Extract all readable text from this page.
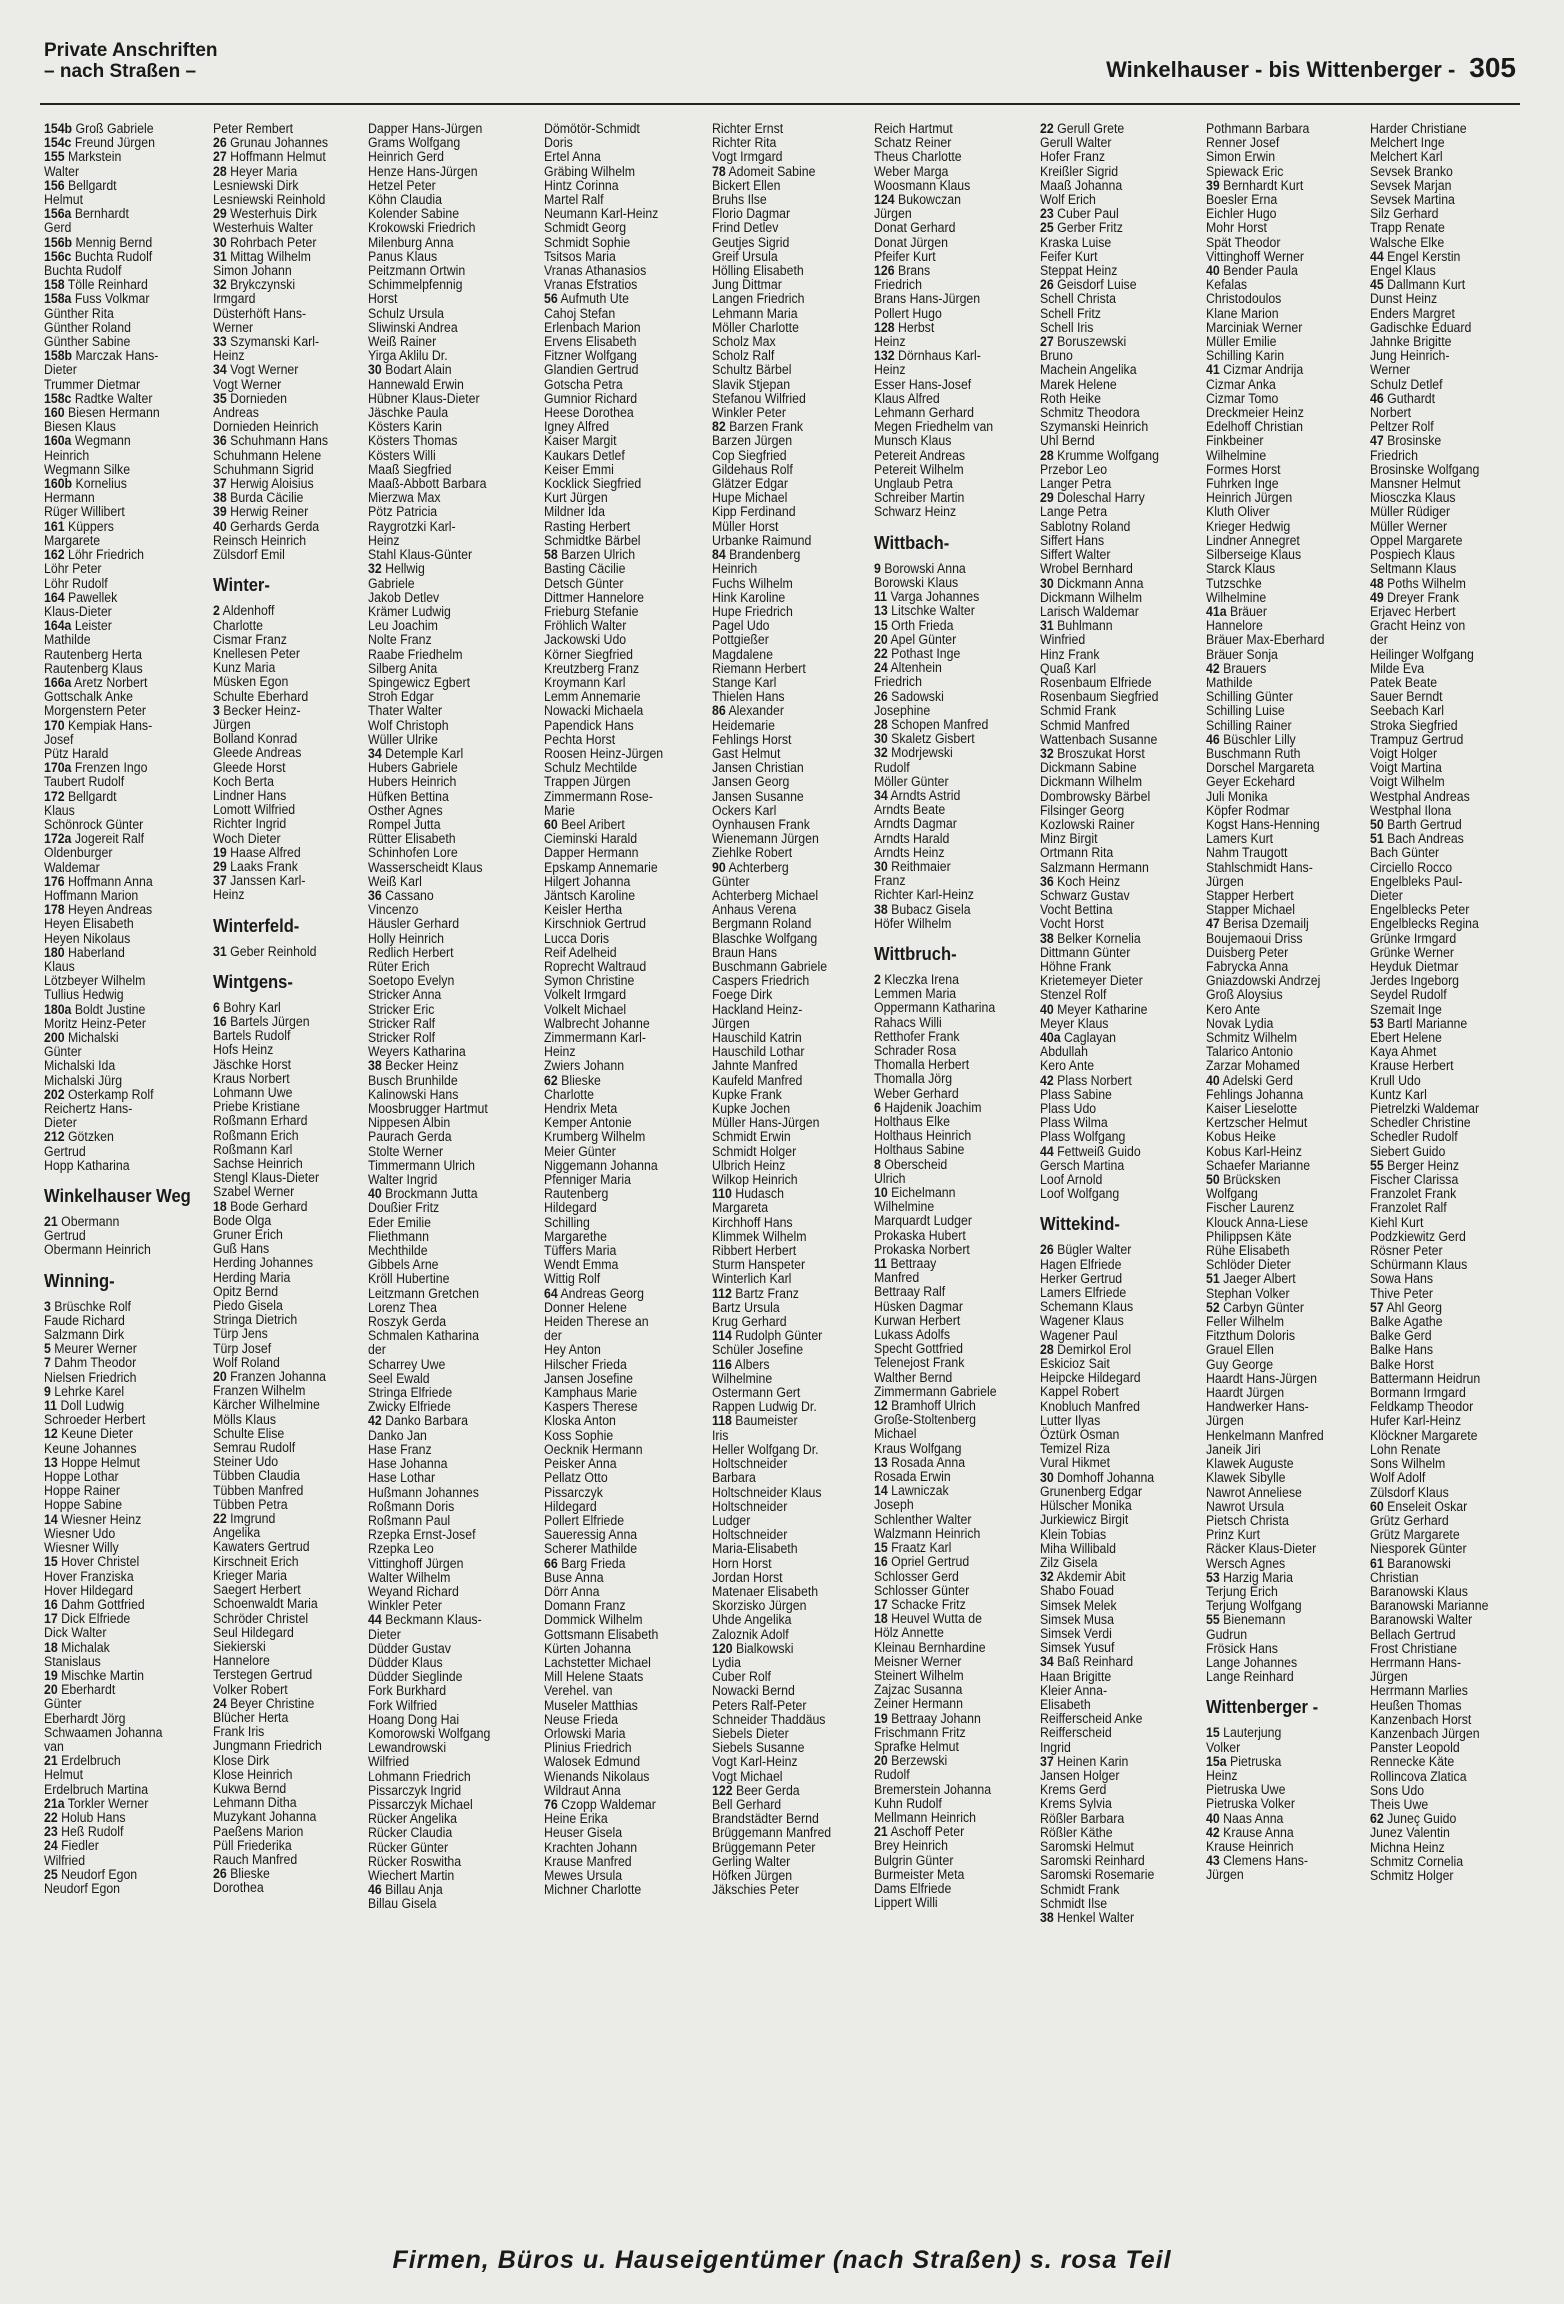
Private Anschriften
– nach Straßen –	Winkelhauser - bis Wittenberger - 305
154b Groß Gabriele
154c Freund Jürgen
155 Markstein
Walter
156 Bellgardt
Helmut
156a Bernhardt
Gerd
156b Mennig Bernd
156c Buchta Rudolf
Buchta Rudolf
158 Tölle Reinhard
158a Fuss Volkmar
Günther Rita
Günther Roland
Günther Sabine
158b Marczak Hans-
Dieter
Trummer Dietmar
158c Radtke Walter
160 Biesen Hermann
Biesen Klaus
160a Wegmann
Heinrich
Wegmann Silke
160b Kornelius
Hermann
Rüger Willibert
161 Küppers
Margarete
162 Löhr Friedrich
Löhr Peter
Löhr Rudolf
164 Pawellek
Klaus-Dieter
164a Leister
Mathilde
Rautenberg Herta
Rautenberg Klaus
166a Aretz Norbert
Gottschalk Anke
Morgenstern Peter
170 Kempiak Hans-
Josef
Pütz Harald
170a Frenzen Ingo
Taubert Rudolf
172 Bellgardt
Klaus
Schönrock Günter
172a Jogereit Ralf
Oldenburger
Waldemar
176 Hoffmann Anna
Hoffmann Marion
178 Heyen Andreas
Heyen Elisabeth
Heyen Nikolaus
180 Haberland
Klaus
Lötzbeyer Wilhelm
Tullius Hedwig
180a Boldt Justine
Moritz Heinz-Peter
200 Michalski
Günter
Michalski Ida
Michalski Jürg
202 Osterkamp Rolf
Reichertz Hans-
Dieter
212 Götzken
Gertrud
Hopp Katharina
Winkelhauser Weg
21 Obermann
Gertrud
Obermann Heinrich
Winning-
3 Brüschke Rolf
Faude Richard
Salzmann Dirk
5 Meurer Werner
7 Dahm Theodor
Nielsen Friedrich
9 Lehrke Karel
11 Doll Ludwig
Schroeder Herbert
12 Keune Dieter
Keune Johannes
13 Hoppe Helmut
Hoppe Lothar
Hoppe Rainer
Hoppe Sabine
14 Wiesner Heinz
Wiesner Udo
Wiesner Willy
15 Hover Christel
Hover Franziska
Hover Hildegard
16 Dahm Gottfried
17 Dick Elfriede
Dick Walter
18 Michalak
Stanislaus
19 Mischke Martin
20 Eberhardt
Günter
Eberhardt Jörg
Schwaamen Johanna
van
21 Erdelbruch
Helmut
Erdelbruch Martina
21a Torkler Werner
22 Holub Hans
23 Heß Rudolf
24 Fiedler
Wilfried
25 Neudorf Egon
Neudorf Egon
Peter Rembert
26 Grunau Johannes
27 Hoffmann Helmut
28 Heyer Maria
Lesniewski Dirk
Lesniewski Reinhold
29 Westerhuis Dirk
Westerhuis Walter
30 Rohrbach Peter
31 Mittag Wilhelm
Simon Johann
32 Brykczynski
Irmgard
Düsterhöft Hans-
Werner
33 Szymanski Karl-
Heinz
34 Vogt Werner
Vogt Werner
35 Dornieden
Andreas
Dornieden Heinrich
36 Schuhmann Hans
Schuhmann Helene
Schuhmann Sigrid
37 Herwig Aloisius
38 Burda Cäcilie
39 Herwig Reiner
40 Gerhards Gerda
Reinsch Heinrich
Zülsdorf Emil
Winter-
2 Aldenhoff
Charlotte
Cismar Franz
Knellesen Peter
Kunz Maria
Müsken Egon
Schulte Eberhard
3 Becker Heinz-
Jürgen
Bolland Konrad
Gleede Andreas
Gleede Horst
Koch Berta
Lindner Hans
Lomott Wilfried
Richter Ingrid
Woch Dieter
19 Haase Alfred
29 Laaks Frank
37 Janssen Karl-
Heinz
Winterfeld-
31 Geber Reinhold
Wintgens-
6 Bohry Karl
16 Bartels Jürgen
Bartels Rudolf
Hofs Heinz
Jäschke Horst
Kraus Norbert
Lohmann Uwe
Priebe Kristiane
Roßmann Erhard
Roßmann Erich
Roßmann Karl
Sachse Heinrich
Stengl Klaus-Dieter
Szabel Werner
18 Bode Gerhard
Bode Olga
Gruner Erich
Guß Hans
Herding Johannes
Herding Maria
Opitz Bernd
Piedo Gisela
Stringa Dietrich
Türp Jens
Türp Josef
Wolf Roland
20 Franzen Johanna
Franzen Wilhelm
Kärcher Wilhelmine
Mölls Klaus
Schulte Elise
Semrau Rudolf
Steiner Udo
Tübben Claudia
Tübben Manfred
Tübben Petra
22 Imgrund
Angelika
Kawaters Gertrud
Kirschneit Erich
Krieger Maria
Saegert Herbert
Schoenwaldt Maria
Schröder Christel
Seul Hildegard
Siekierski
Hannelore
Terstegen Gertrud
Volker Robert
24 Beyer Christine
Blücher Herta
Frank Iris
Jungmann Friedrich
Klose Dirk
Klose Heinrich
Kukwa Bernd
Lehmann Ditha
Muzykant Johanna
Paeßens Marion
Püll Friederika
Rauch Manfred
26 Blieske
Dorothea
Dapper Hans-Jürgen
Grams Wolfgang
Heinrich Gerd
Henze Hans-Jürgen
Hetzel Peter
Köhn Claudia
Kolender Sabine
Krokowski Friedrich
Milenburg Anna
Panus Klaus
Peitzmann Ortwin
Schimmelpfennig
Horst
Schulz Ursula
Sliwinski Andrea
Weiß Rainer
Yirga Aklilu Dr.
30 Bodart Alain
Hannewald Erwin
Hübner Klaus-Dieter
Jäschke Paula
Kösters Karin
Kösters Thomas
Kösters Willi
Maaß Siegfried
Maaß-Abbott Barbara
Mierzwa Max
Pötz Patricia
Raygrotzki Karl-
Heinz
Stahl Klaus-Günter
32 Hellwig
Gabriele
Jakob Detlev
Krämer Ludwig
Leu Joachim
Nolte Franz
Raabe Friedhelm
Silberg Anita
Spingewicz Egbert
Stroh Edgar
Thater Walter
Wolf Christoph
Wüller Ulrike
34 Detemple Karl
Hubers Gabriele
Hubers Heinrich
Hüfken Bettina
Osther Agnes
Rompel Jutta
Rütter Elisabeth
Schinhofen Lore
Wasserscheidt Klaus
Weiß Karl
36 Cassano
Vincenzo
Häusler Gerhard
Holly Heinrich
Redlich Herbert
Rüter Erich
Soetopo Evelyn
Stricker Anna
Stricker Eric
Stricker Ralf
Stricker Rolf
Weyers Katharina
38 Becker Heinz
Busch Brunhilde
Kalinowski Hans
Moosbrugger Hartmut
Nippesen Albin
Paurach Gerda
Stolte Werner
Timmermann Ulrich
Walter Ingrid
40 Brockmann Jutta
Doußier Fritz
Eder Emilie
Fliethmann
Mechthilde
Gibbels Arne
Kröll Hubertine
Leitzmann Gretchen
Lorenz Thea
Roszyk Gerda
Schmalen Katharina
der
Scharrey Uwe
Seel Ewald
Stringa Elfriede
Zwicky Elfriede
42 Danko Barbara
Danko Jan
Hase Franz
Hase Johanna
Hase Lothar
Hußmann Johannes
Roßmann Doris
Roßmann Paul
Rzepka Ernst-Josef
Rzepka Leo
Vittinghoff Jürgen
Walter Wilhelm
Weyand Richard
Winkler Peter
44 Beckmann Klaus-
Dieter
Düdder Gustav
Düdder Klaus
Düdder Sieglinde
Fork Burkhard
Fork Wilfried
Hoang Dong Hai
Komorowski Wolfgang
Lewandrowski
Wilfried
Lohmann Friedrich
Pissarczyk Ingrid
Pissarczyk Michael
Rücker Angelika
Rücker Claudia
Rücker Günter
Rücker Roswitha
Wiechert Martin
46 Billau Anja
Billau Gisela
Dömötör-Schmidt
Doris
Ertel Anna
Gräbing Wilhelm
Hintz Corinna
Martel Ralf
Neumann Karl-Heinz
Schmidt Georg
Schmidt Sophie
Tsitsos Maria
Vranas Athanasios
Vranas Efstratios
56 Aufmuth Ute
Cahoj Stefan
Erlenbach Marion
Ervens Elisabeth
Fitzner Wolfgang
Glandien Gertrud
Gotscha Petra
Gumnior Richard
Heese Dorothea
Igney Alfred
Kaiser Margit
Kaukars Detlef
Keiser Emmi
Kocklick Siegfried
Kurt Jürgen
Mildner Ida
Rasting Herbert
Schmidtke Bärbel
58 Barzen Ulrich
Basting Cäcilie
Detsch Günter
Dittmer Hannelore
Frieburg Stefanie
Fröhlich Walter
Jackowski Udo
Körner Siegfried
Kreutzberg Franz
Kroymann Karl
Lemm Annemarie
Nowacki Michaela
Papendick Hans
Pechta Horst
Roosen Heinz-Jürgen
Schulz Mechtilde
Trappen Jürgen
Zimmermann Rose-
Marie
60 Beel Aribert
Cieminski Harald
Dapper Hermann
Epskamp Annemarie
Hilgert Johanna
Jäntsch Karoline
Keisler Hertha
Kirschniok Gertrud
Lucca Doris
Reif Adelheid
Roprecht Waltraud
Symon Christine
Volkelt Irmgard
Volkelt Michael
Walbrecht Johanne
Zimmermann Karl-
Heinz
Zwiers Johann
62 Blieske
Charlotte
Hendrix Meta
Kemper Antonie
Krumberg Wilhelm
Meier Günter
Niggemann Johanna
Pfenniger Maria
Rautenberg
Hildegard
Schilling
Margarethe
Tüffers Maria
Wendt Emma
Wittig Rolf
64 Andreas Georg
Donner Helene
Heiden Therese an
der
Hey Anton
Hilscher Frieda
Jansen Josefine
Kamphaus Marie
Kaspers Therese
Kloska Anton
Koss Sophie
Oecknik Hermann
Peisker Anna
Pellatz Otto
Pissarczyk
Hildegard
Pollert Elfriede
Saueressig Anna
Scherer Mathilde
66 Barg Frieda
Buse Anna
Dörr Anna
Domann Franz
Dommick Wilhelm
Gottsmann Elisabeth
Kürten Johanna
Lachstetter Michael
Mill Helene Staats
Verehel. van
Museler Matthias
Neuse Frieda
Orlowski Maria
Plinius Friedrich
Walosek Edmund
Wienands Nikolaus
Wildraut Anna
76 Czopp Waldemar
Heine Erika
Heuser Gisela
Krachten Johann
Krause Manfred
Mewes Ursula
Michner Charlotte
Richter Ernst
Richter Rita
Vogt Irmgard
78 Adomeit Sabine
Bickert Ellen
Bruhs Ilse
Florio Dagmar
Frind Detlev
Geutjes Sigrid
Greif Ursula
Hölling Elisabeth
Jung Dittmar
Langen Friedrich
Lehmann Maria
Möller Charlotte
Scholz Max
Scholz Ralf
Schultz Bärbel
Slavik Stjepan
Stefanou Wilfried
Winkler Peter
82 Barzen Frank
Barzen Jürgen
Cop Siegfried
Gildehaus Rolf
Glätzer Edgar
Hupe Michael
Kipp Ferdinand
Müller Horst
Urbanke Raimund
84 Brandenberg
Heinrich
Fuchs Wilhelm
Hink Karoline
Hupe Friedrich
Pagel Udo
Pottgießer
Magdalene
Riemann Herbert
Stange Karl
Thielen Hans
86 Alexander
Heidemarie
Fehlings Horst
Gast Helmut
Jansen Christian
Jansen Georg
Jansen Susanne
Ockers Karl
Oynhausen Frank
Wienemann Jürgen
Ziehlke Robert
90 Achterberg
Günter
Achterberg Michael
Anhaus Verena
Bergmann Roland
Blaschke Wolfgang
Braun Hans
Buschmann Gabriele
Caspers Friedrich
Foege Dirk
Hackland Heinz-
Jürgen
Hauschild Katrin
Hauschild Lothar
Jahnte Manfred
Kaufeld Manfred
Kupke Frank
Kupke Jochen
Müller Hans-Jürgen
Schmidt Erwin
Schmidt Holger
Ulbrich Heinz
Wilkop Heinrich
110 Hudasch
Margareta
Kirchhoff Hans
Klimmek Wilhelm
Ribbert Herbert
Sturm Hanspeter
Winterlich Karl
112 Bartz Franz
Bartz Ursula
Krug Gerhard
114 Rudolph Günter
Schüler Josefine
116 Albers
Wilhelmine
Ostermann Gert
Rappen Ludwig Dr.
118 Baumeister
Iris
Heller Wolfgang Dr.
Holtschneider
Barbara
Holtschneider Klaus
Holtschneider
Ludger
Holtschneider
Maria-Elisabeth
Horn Horst
Jordan Horst
Matenaer Elisabeth
Skorzisko Jürgen
Uhde Angelika
Zaloznik Adolf
120 Bialkowski
Lydia
Cuber Rolf
Nowacki Bernd
Peters Ralf-Peter
Schneider Thaddäus
Siebels Dieter
Siebels Susanne
Vogt Karl-Heinz
Vogt Michael
122 Beer Gerda
Bell Gerhard
Brandstädter Bernd
Brüggemann Manfred
Brüggemann Peter
Gerling Walter
Höfken Jürgen
Jäkschies Peter
Reich Hartmut
Schatz Reiner
Theus Charlotte
Weber Marga
Woosmann Klaus
124 Bukowczan
Jürgen
Donat Gerhard
Donat Jürgen
Pfeifer Kurt
126 Brans
Friedrich
Brans Hans-Jürgen
Pollert Hugo
128 Herbst
Heinz
132 Dörnhaus Karl-
Heinz
Esser Hans-Josef
Klaus Alfred
Lehmann Gerhard
Megen Friedhelm van
Munsch Klaus
Petereit Andreas
Petereit Wilhelm
Unglaub Petra
Schreiber Martin
Schwarz Heinz
Wittbach-
9 Borowski Anna
Borowski Klaus
11 Varga Johannes
13 Litschke Walter
15 Orth Frieda
20 Apel Günter
22 Pothast Inge
24 Altenhein
Friedrich
26 Sadowski
Josephine
28 Schopen Manfred
30 Skaletz Gisbert
32 Modrjewski
Rudolf
Möller Günter
34 Arndts Astrid
Arndts Beate
Arndts Dagmar
Arndts Harald
Arndts Heinz
30 Reithmaier
Franz
Richter Karl-Heinz
38 Bubacz Gisela
Höfer Wilhelm
Wittbruch-
2 Kleczka Irena
Lemmen Maria
Oppermann Katharina
Rahacs Willi
Retthofer Frank
Schrader Rosa
Thomalla Herbert
Thomalla Jörg
Weber Gerhard
6 Hajdenik Joachim
Holthaus Elke
Holthaus Heinrich
Holthaus Sabine
8 Oberscheid
Ulrich
10 Eichelmann
Wilhelmine
Marquardt Ludger
Prokaska Hubert
Prokaska Norbert
11 Bettraay
Manfred
Bettraay Ralf
Hüsken Dagmar
Kurwan Herbert
Lukass Adolfs
Specht Gottfried
Telenejost Frank
Walther Bernd
Zimmermann Gabriele
12 Bramhoff Ulrich
Große-Stoltenberg
Michael
Kraus Wolfgang
13 Rosada Anna
Rosada Erwin
14 Lawniczak
Joseph
Schlenther Walter
Walzmann Heinrich
15 Fraatz Karl
16 Opriel Gertrud
Schlosser Gerd
Schlosser Günter
17 Schacke Fritz
18 Heuvel Wutta de
Hölz Annette
Kleinau Bernhardine
Meisner Werner
Steinert Wilhelm
Zajzac Susanna
Zeiner Hermann
19 Bettraay Johann
Frischmann Fritz
Sprafke Helmut
20 Berzewski
Rudolf
Bremerstein Johanna
Kuhn Rudolf
Mellmann Heinrich
21 Aschoff Peter
Brey Heinrich
Bulgrin Günter
Burmeister Meta
Dams Elfriede
Lippert Willi
22 Gerull Grete
Gerull Walter
Hofer Franz
Kreißler Sigrid
Maaß Johanna
Wolf Erich
23 Cuber Paul
25 Gerber Fritz
Kraska Luise
Feifer Kurt
Steppat Heinz
26 Geisdorf Luise
Schell Christa
Schell Fritz
Schell Iris
27 Boruszewski
Bruno
Machein Angelika
Marek Helene
Roth Heike
Schmitz Theodora
Szymanski Heinrich
Uhl Bernd
28 Krumme Wolfgang
Przebor Leo
Langer Petra
29 Doleschal Harry
Lange Petra
Sablotny Roland
Siffert Hans
Siffert Walter
Wrobel Bernhard
30 Dickmann Anna
Dickmann Wilhelm
Larisch Waldemar
31 Buhlmann
Winfried
Hinz Frank
Quaß Karl
Rosenbaum Elfriede
Rosenbaum Siegfried
Schmid Frank
Schmid Manfred
Wattenbach Susanne
32 Broszukat Horst
Dickmann Sabine
Dickmann Wilhelm
Dombrowsky Bärbel
Filsinger Georg
Kozlowski Rainer
Minz Birgit
Ortmann Rita
Salzmann Hermann
36 Koch Heinz
Schwarz Gustav
Vocht Bettina
Vocht Horst
38 Belker Kornelia
Dittmann Günter
Höhne Frank
Krietemeyer Dieter
Stenzel Rolf
40 Meyer Katharine
Meyer Klaus
40a Caglayan
Abdullah
Kero Ante
42 Plass Norbert
Plass Sabine
Plass Udo
Plass Wilma
Plass Wolfgang
44 Fettweiß Guido
Gersch Martina
Loof Arnold
Loof Wolfgang
Wittekind-
26 Bügler Walter
Hagen Elfriede
Herker Gertrud
Lamers Elfriede
Schemann Klaus
Wagener Klaus
Wagener Paul
28 Demirkol Erol
Eskicioz Sait
Heipcke Hildegard
Kappel Robert
Knobluch Manfred
Lutter Ilyas
Öztürk Osman
Temizel Riza
Vural Hikmet
30 Domhoff Johanna
Grunenberg Edgar
Hülscher Monika
Jurkiewicz Birgit
Klein Tobias
Miha Willibald
Zilz Gisela
32 Akdemir Abit
Shabo Fouad
Simsek Melek
Simsek Musa
Simsek Verdi
Simsek Yusuf
34 Baß Reinhard
Haan Brigitte
Kleier Anna-
Elisabeth
Reifferscheid Anke
Reifferscheid
Ingrid
37 Heinen Karin
Jansen Holger
Krems Gerd
Krems Sylvia
Rößler Barbara
Rößler Käthe
Saromski Helmut
Saromski Reinhard
Saromski Rosemarie
Schmidt Frank
Schmidt Ilse
38 Henkel Walter
Pothmann Barbara
Renner Josef
Simon Erwin
Spiewack Eric
39 Bernhardt Kurt
Boesler Erna
Eichler Hugo
Mohr Horst
Spät Theodor
Vittinghoff Werner
40 Bender Paula
Kefalas
Christodoulos
Klane Marion
Marciniak Werner
Müller Emilie
Schilling Karin
41 Cizmar Andrija
Cizmar Anka
Cizmar Tomo
Dreckmeier Heinz
Edelhoff Christian
Finkbeiner
Wilhelmine
Formes Horst
Fuhrken Inge
Heinrich Jürgen
Kluth Oliver
Krieger Hedwig
Lindner Annegret
Silberseige Klaus
Starck Klaus
Tutzschke
Wilhelmine
41a Bräuer
Hannelore
Bräuer Max-Eberhard
Bräuer Sonja
42 Brauers
Mathilde
Schilling Günter
Schilling Luise
Schilling Rainer
46 Büschler Lilly
Buschmann Ruth
Dorschel Margareta
Geyer Eckehard
Juli Monika
Köpfer Rodmar
Kogst Hans-Henning
Lamers Kurt
Nahm Traugott
Stahlschmidt Hans-
Jürgen
Stapper Herbert
Stapper Michael
47 Berisa Dzemailj
Boujemaoui Driss
Duisberg Peter
Fabrycka Anna
Gniazdowski Andrzej
Groß Aloysius
Kero Ante
Novak Lydia
Schmitz Wilhelm
Talarico Antonio
Zarzar Mohamed
40 Adelski Gerd
Fehlings Johanna
Kaiser Lieselotte
Kertzscher Helmut
Kobus Heike
Kobus Karl-Heinz
Schaefer Marianne
50 Brücksken
Wolfgang
Fischer Laurenz
Klouck Anna-Liese
Philippsen Käte
Rühe Elisabeth
Schlöder Dieter
51 Jaeger Albert
Stephan Volker
52 Carbyn Günter
Feller Wilhelm
Fitzthum Doloris
Grauel Ellen
Guy George
Haardt Hans-Jürgen
Haardt Jürgen
Handwerker Hans-
Jürgen
Henkelmann Manfred
Janeik Jiri
Klawek Auguste
Klawek Sibylle
Nawrot Anneliese
Nawrot Ursula
Pietsch Christa
Prinz Kurt
Räcker Klaus-Dieter
Wersch Agnes
53 Harzig Maria
Terjung Erich
Terjung Wolfgang
55 Bienemann
Gudrun
Frösick Hans
Lange Johannes
Lange Reinhard
Wittenberger -
15 Lauterjung
Volker
15a Pietruska
Heinz
Pietruska Uwe
Pietruska Volker
40 Naas Anna
42 Krause Anna
Krause Heinrich
43 Clemens Hans-
Jürgen
Harder Christiane
Melchert Inge
Melchert Karl
Sevsek Branko
Sevsek Marjan
Sevsek Martina
Silz Gerhard
Trapp Renate
Walsche Elke
44 Engel Kerstin
Engel Klaus
45 Dallmann Kurt
Dunst Heinz
Enders Margret
Gadischke Eduard
Jahnke Brigitte
Jung Heinrich-
Werner
Schulz Detlef
46 Guthardt
Norbert
Peltzer Rolf
47 Brosinske
Friedrich
Brosinske Wolfgang
Mansner Helmut
Miosczka Klaus
Müller Rüdiger
Müller Werner
Oppel Margarete
Pospiech Klaus
Seltmann Klaus
48 Poths Wilhelm
49 Dreyer Frank
Erjavec Herbert
Gracht Heinz von
der
Heilinger Wolfgang
Milde Eva
Patek Beate
Sauer Berndt
Seebach Karl
Stroka Siegfried
Trampuz Gertrud
Voigt Holger
Voigt Martina
Voigt Wilhelm
Westphal Andreas
Westphal Ilona
50 Barth Gertrud
51 Bach Andreas
Bach Günter
Circiello Rocco
Engelbleks Paul-
Dieter
Engelblecks Peter
Engelblecks Regina
Grünke Irmgard
Grünke Werner
Heyduk Dietmar
Jerdes Ingeborg
Seydel Rudolf
Szemait Inge
53 Bartl Marianne
Ebert Helene
Kaya Ahmet
Krause Herbert
Krull Udo
Kuntz Karl
Pietrelzki Waldemar
Schedler Christine
Schedler Rudolf
Siebert Guido
55 Berger Heinz
Fischer Clarissa
Franzolet Frank
Franzolet Ralf
Kiehl Kurt
Podzkiewitz Gerd
Rösner Peter
Schürmann Klaus
Sowa Hans
Thive Peter
57 Ahl Georg
Balke Agathe
Balke Gerd
Balke Hans
Balke Horst
Battermann Heidrun
Bormann Irmgard
Feldkamp Theodor
Hufer Karl-Heinz
Klöckner Margarete
Lohn Renate
Sons Wilhelm
Wolf Adolf
Zülsdorf Klaus
60 Enseleit Oskar
Grütz Gerhard
Grütz Margarete
Niesporek Günter
61 Baranowski
Christian
Baranowski Klaus
Baranowski Marianne
Baranowski Walter
Bellach Gertrud
Frost Christiane
Herrmann Hans-
Jürgen
Herrmann Marlies
Heußen Thomas
Kanzenbach Horst
Kanzenbach Jürgen
Panster Leopold
Rennecke Käte
Rollincova Zlatica
Sons Udo
Theis Uwe
62 Juneç Guido
Junez Valentin
Michna Heinz
Schmitz Cornelia
Schmitz Holger
Firmen, Büros u. Hauseigentümer (nach Straßen) s. rosa Teil
